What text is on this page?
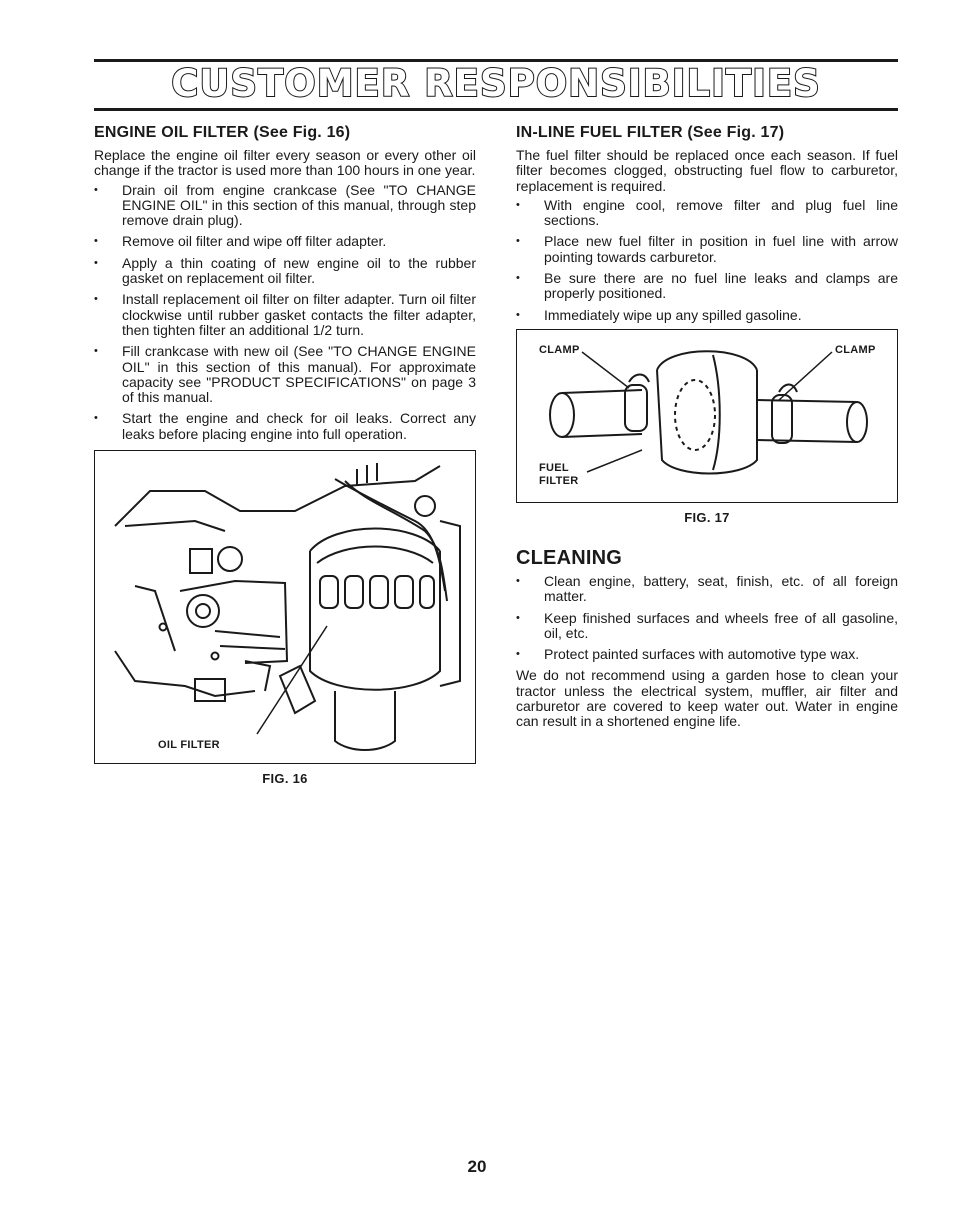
CUSTOMER RESPONSIBILITIES
ENGINE OIL FILTER (See Fig. 16)

Replace the engine oil filter every season or every other oil change if the tractor is used more than 100 hours in one year.

• Drain oil from engine crankcase (See "TO CHANGE ENGINE OIL" in this section of this manual, through step remove drain plug).
• Remove oil filter and wipe off filter adapter.
• Apply a thin coating of new engine oil to the rubber gasket on replacement oil filter.
• Install replacement oil filter on filter adapter. Turn oil filter clockwise until rubber gasket contacts the filter adapter, then tighten filter an additional 1/2 turn.
• Fill crankcase with new oil (See "TO CHANGE ENGINE OIL" in this section of this manual). For approximate capacity see "PRODUCT SPECIFICATIONS" on page 3 of this manual.
• Start the engine and check for oil leaks. Correct any leaks before placing engine into full operation.
OIL FILTER
FIG. 16
IN-LINE FUEL FILTER (See Fig. 17)

The fuel filter should be replaced once each season. If fuel filter becomes clogged, obstructing fuel flow to carburetor, replacement is required.

• With engine cool, remove filter and plug fuel line sections.
• Place new fuel filter in position in fuel line with arrow pointing towards carburetor.
• Be sure there are no fuel line leaks and clamps are properly positioned.
• Immediately wipe up any spilled gasoline.
CLAMP	CLAMP
FUEL
FILTER
FIG. 17
CLEANING
• Clean engine, battery, seat, finish, etc. of all foreign matter.
• Keep finished surfaces and wheels free of all gasoline, oil, etc.
• Protect painted surfaces with automotive type wax.

We do not recommend using a garden hose to clean your tractor unless the electrical system, muffler, air filter and carburetor are covered to keep water out. Water in engine can result in a shortened engine life.

20
